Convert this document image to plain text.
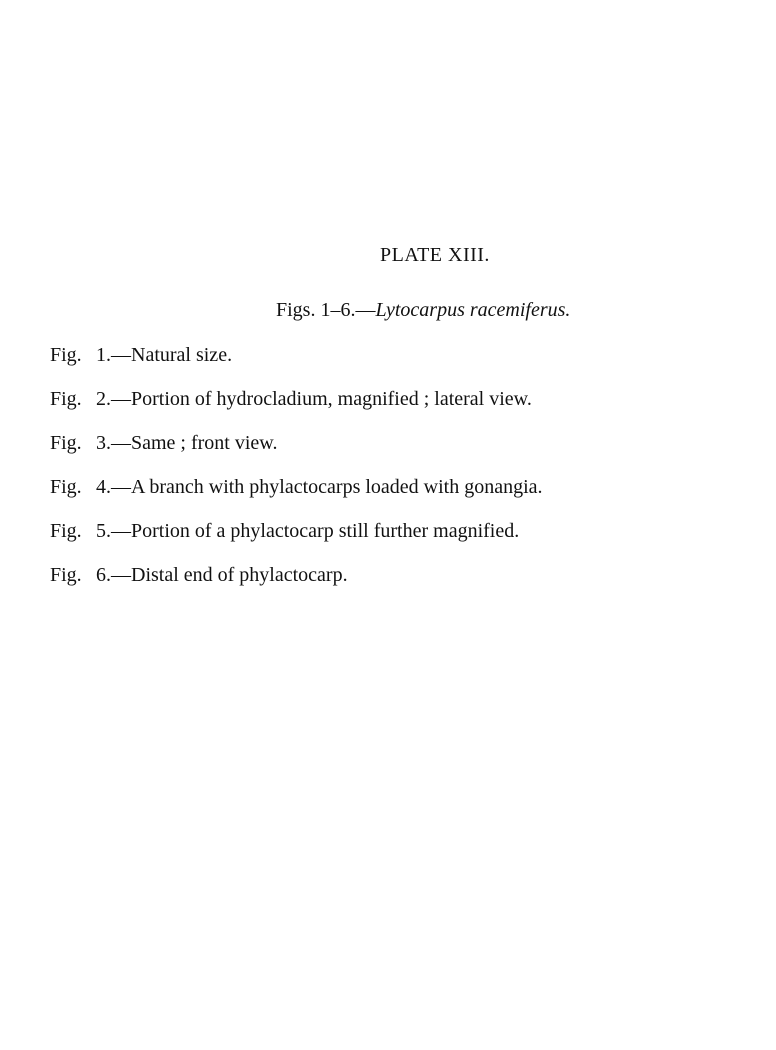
PLATE XIII.
Figs. 1–6.—Lytocarpus racemiferus.
Fig. 1.—Natural size.
Fig. 2.—Portion of hydrocladium, magnified ; lateral view.
Fig. 3.—Same ; front view.
Fig. 4.—A branch with phylactocarps loaded with gonangia.
Fig. 5.—Portion of a phylactocarp still further magnified.
Fig. 6.—Distal end of phylactocarp.
